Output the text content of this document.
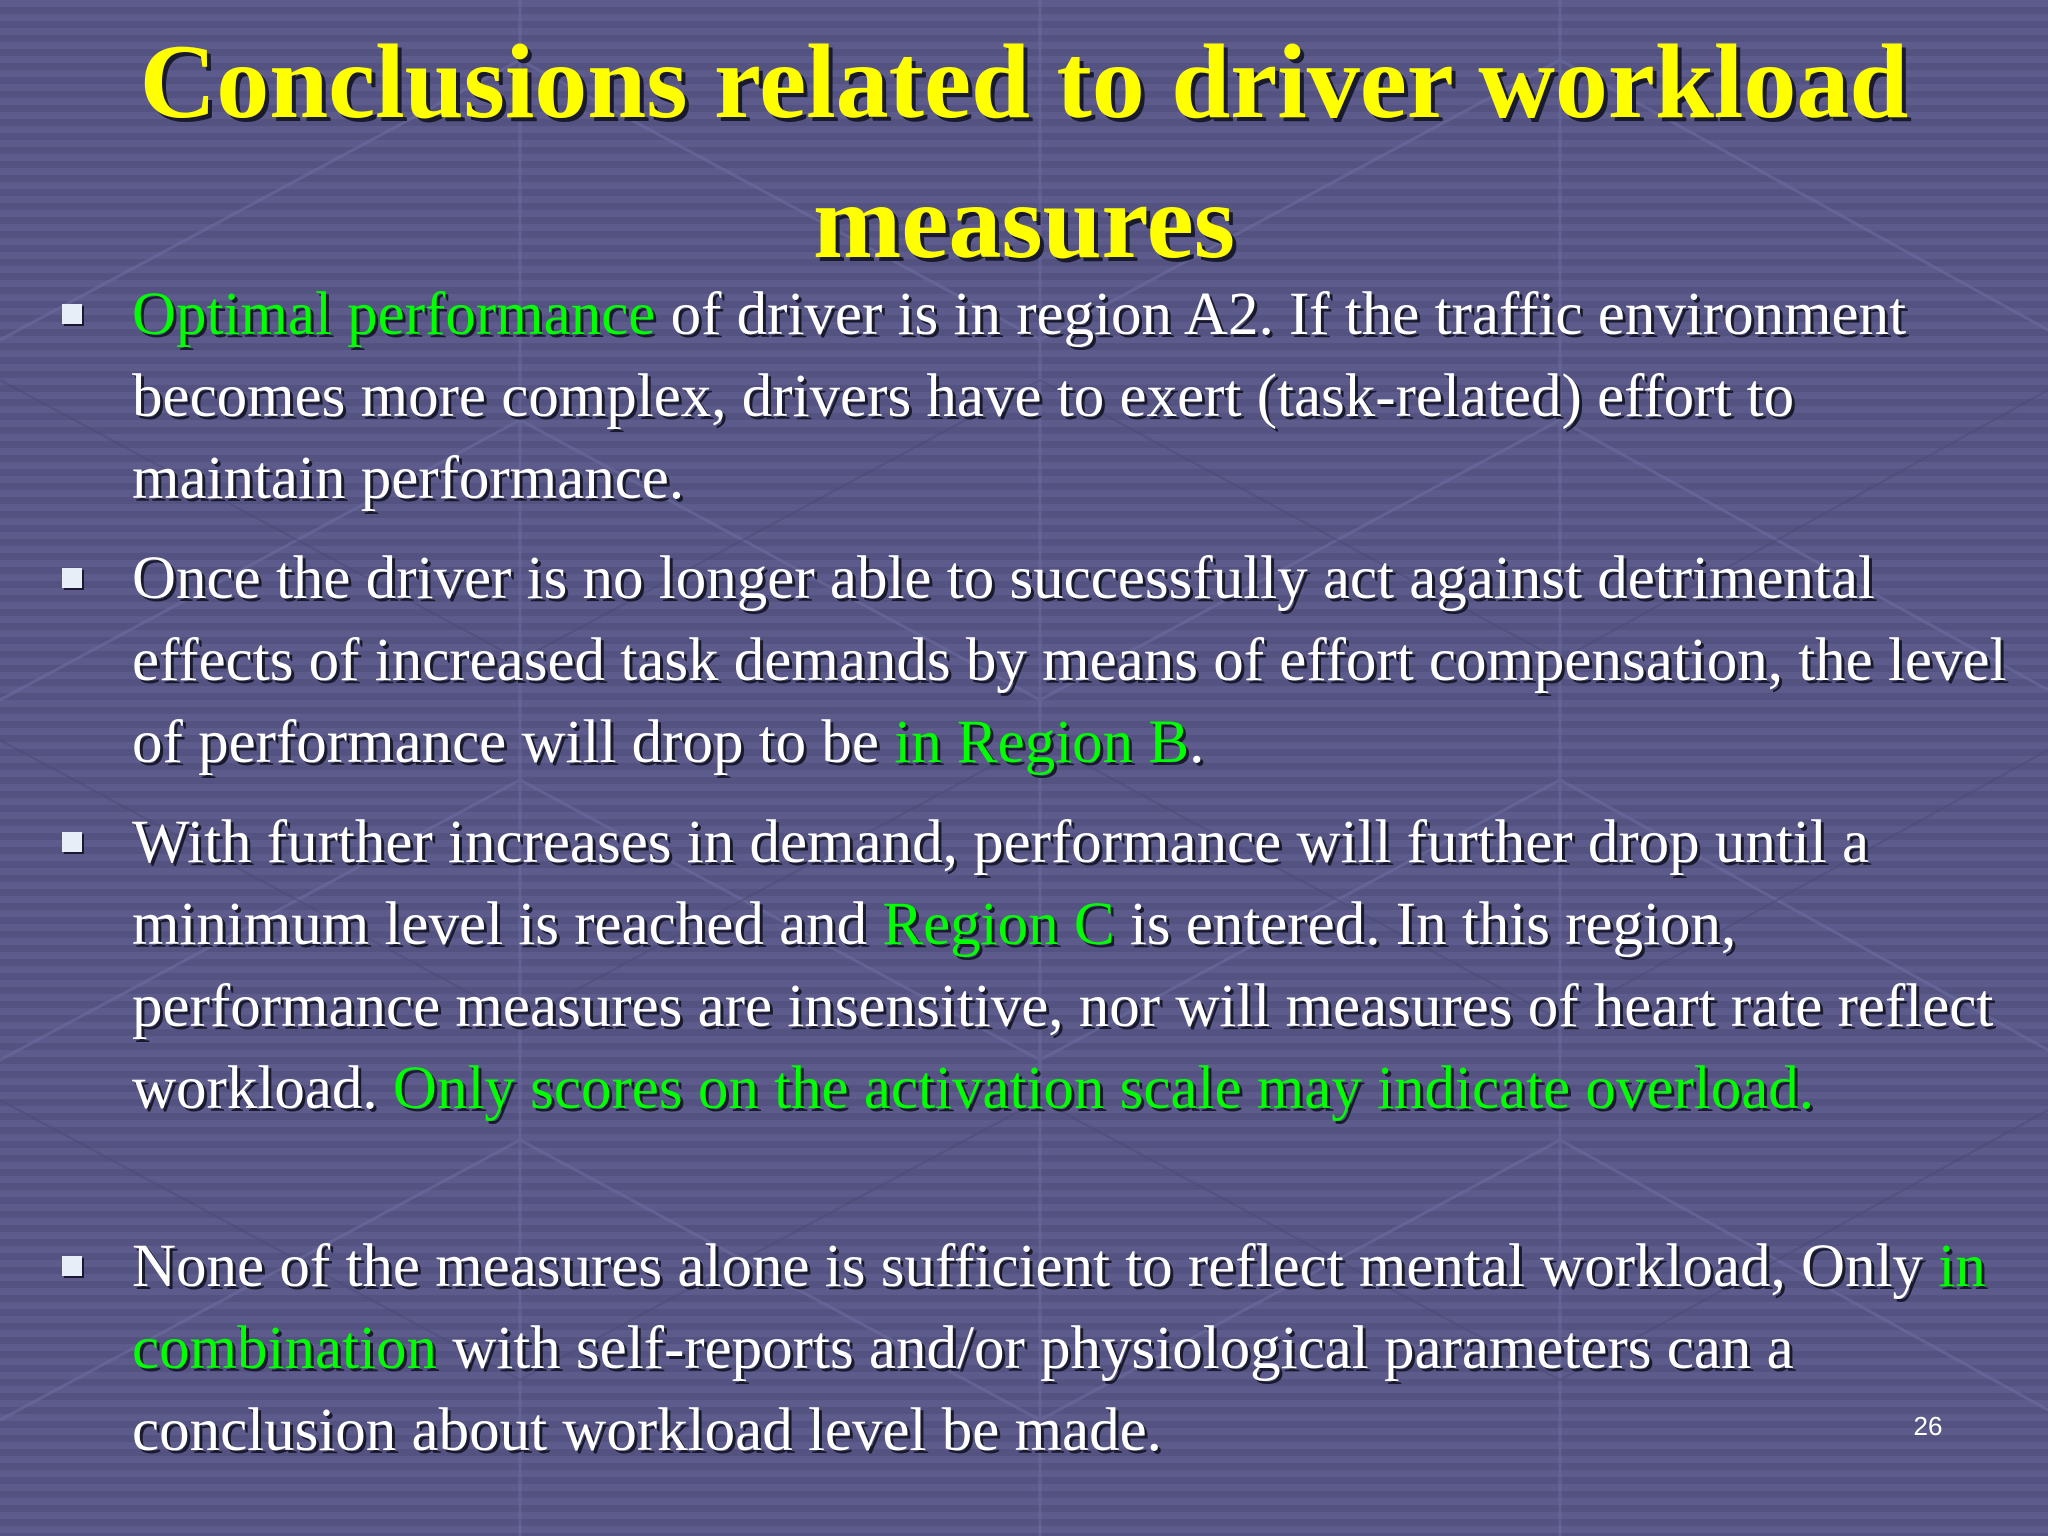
Conclusions related to driver workload
measures
Optimal performance of driver is in region A2. If the traffic environment becomes more complex, drivers have to exert (task-related) effort to maintain performance.
Once the driver is no longer able to successfully act against detrimental effects of increased task demands by means of effort compensation, the level of performance will drop to be in Region B.
With further increases in demand, performance will further drop until a minimum level is reached and Region C is entered. In this region, performance measures are insensitive, nor will measures of heart rate reflect workload. Only scores on the activation scale may indicate overload.
None of the measures alone is sufficient to reflect mental workload, Only in combination with self-reports and/or physiological parameters can a conclusion about workload level be made.	26
